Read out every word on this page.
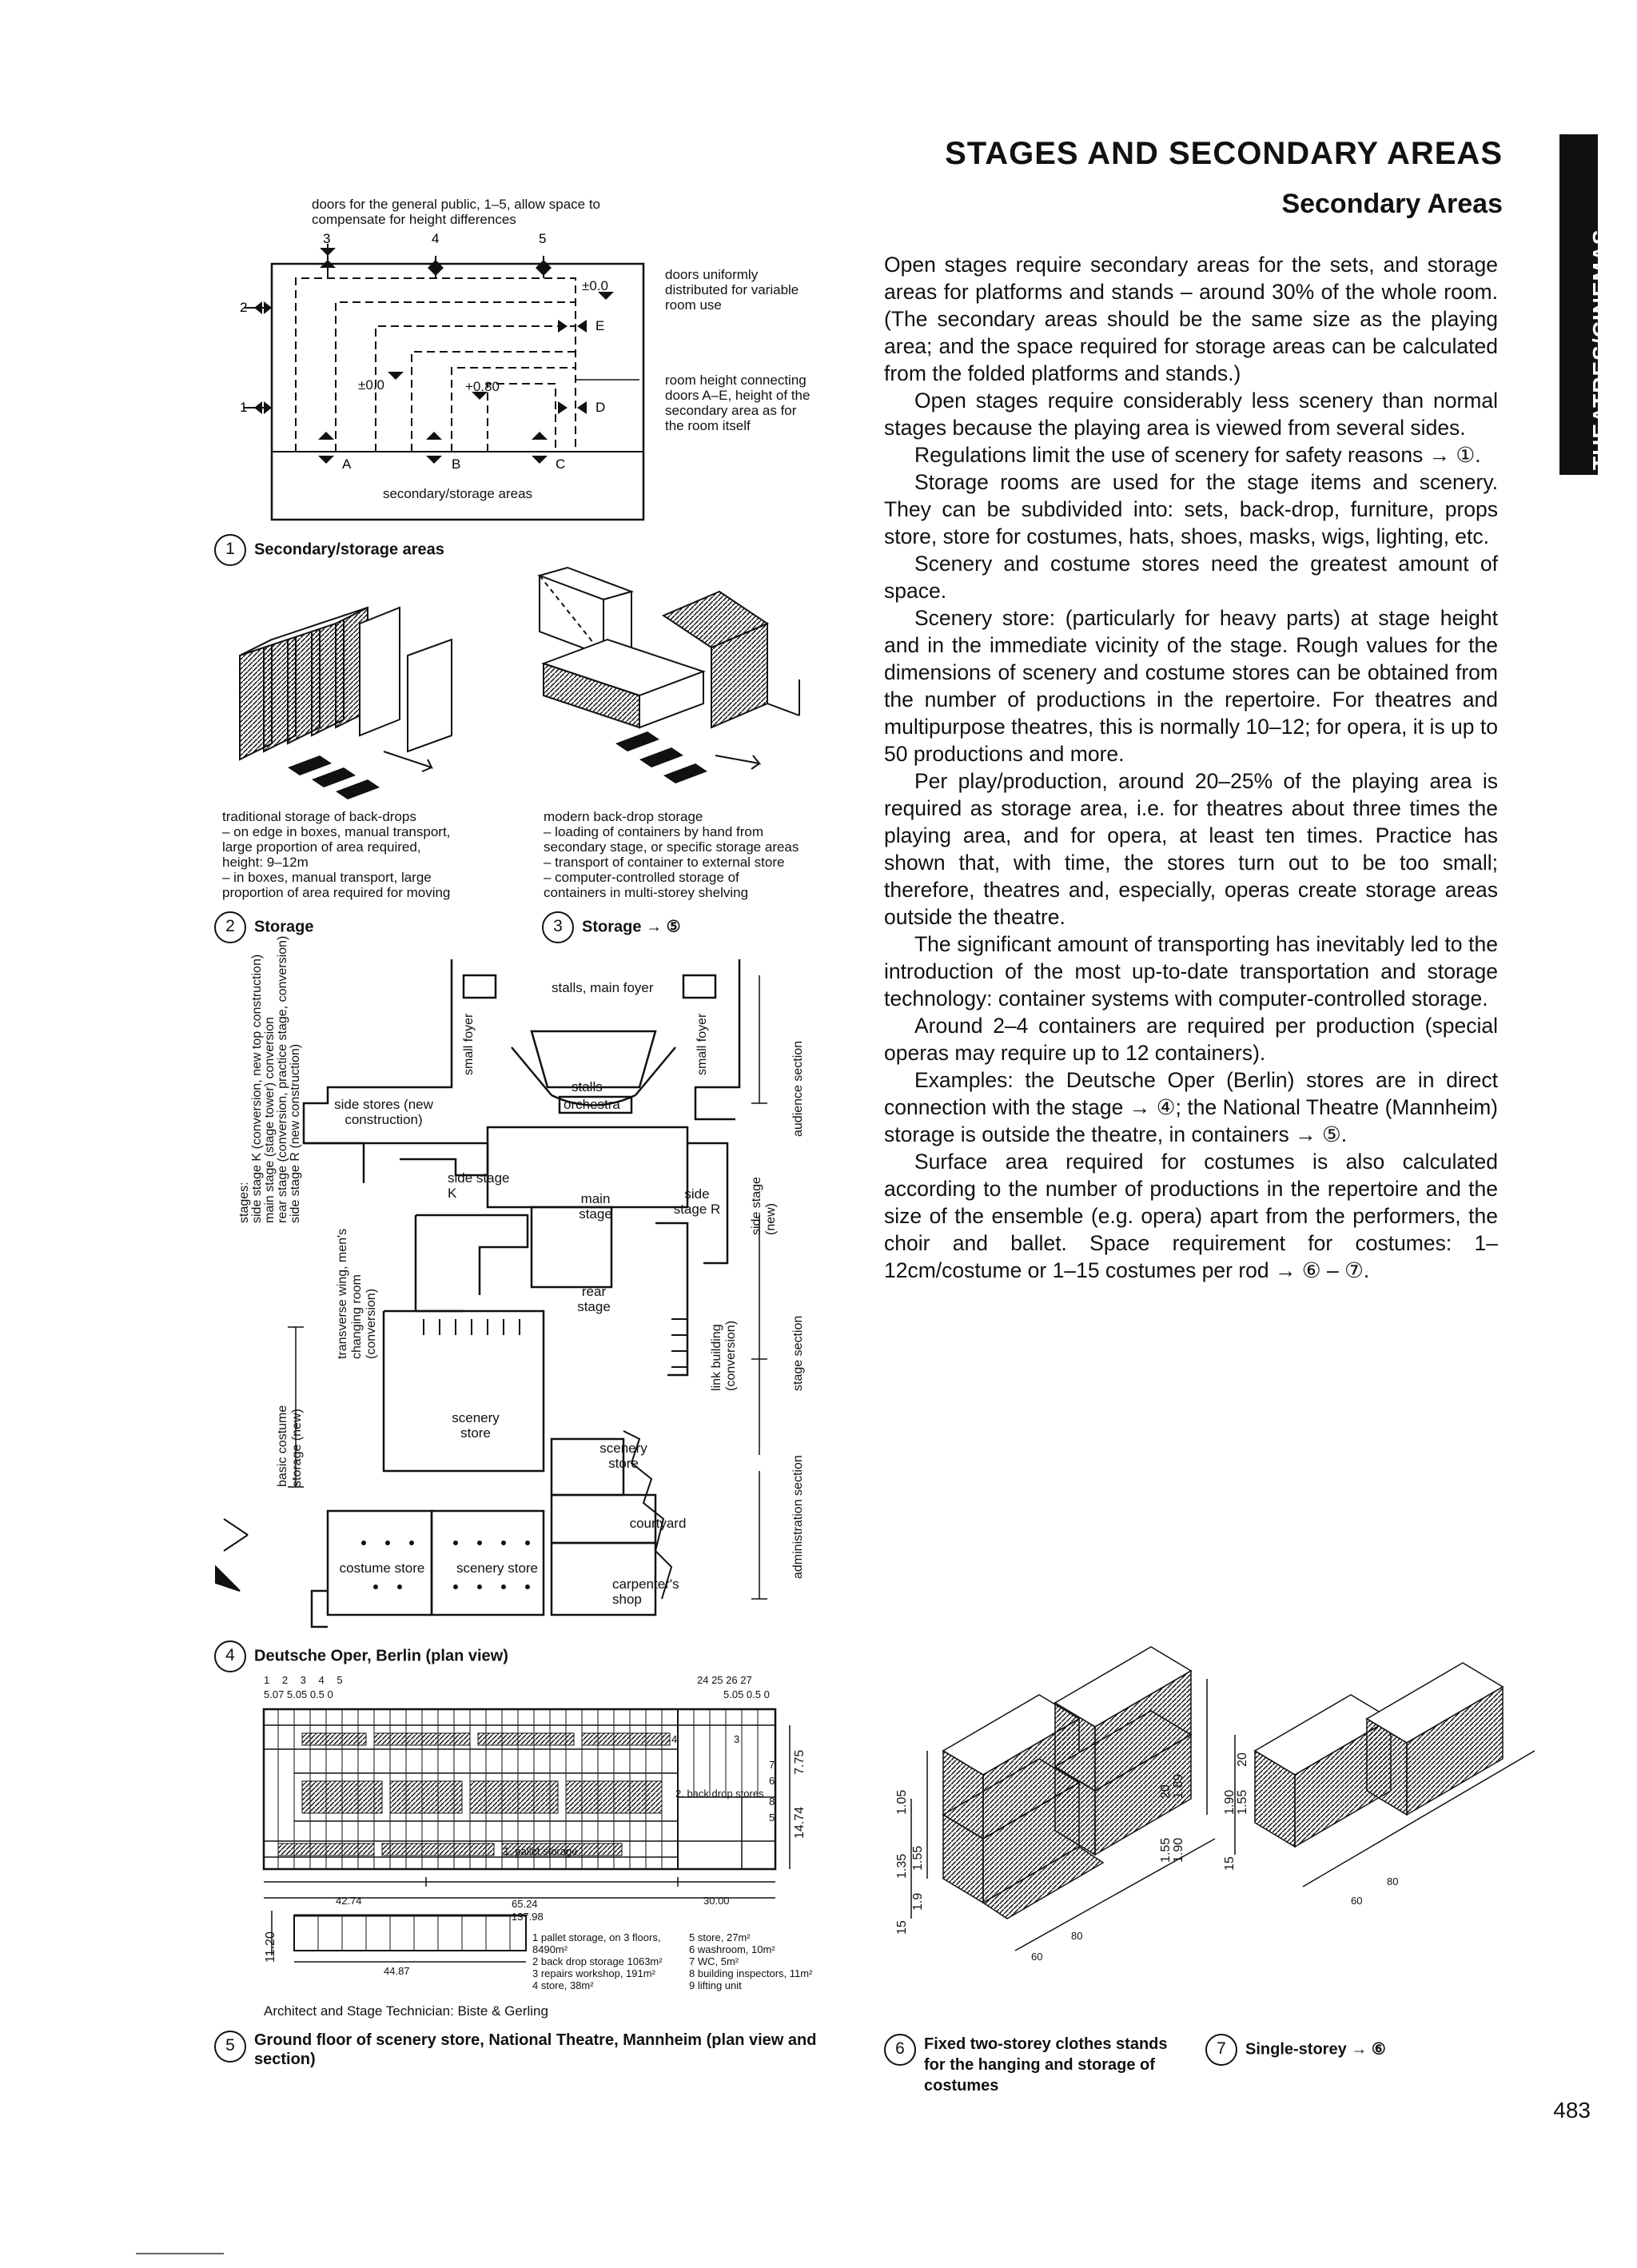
STAGES AND SECONDARY AREAS
Secondary Areas
THEATRES/CINEMAS

Open stages require secondary areas for the sets, and storage areas for platforms and stands – around 30% of the whole room. (The secondary areas should be the same size as the playing area; and the space required for storage areas can be calculated from the folded platforms and stands.)

Open stages require considerably less scenery than normal stages because the playing area is viewed from several sides.

Regulations limit the use of scenery for safety reasons → ①.

Storage rooms are used for the stage items and scenery. They can be subdivided into: sets, back-drop, furniture, props store, store for costumes, hats, shoes, masks, wigs, lighting, etc.

Scenery and costume stores need the greatest amount of space.

Scenery store: (particularly for heavy parts) at stage height and in the immediate vicinity of the stage. Rough values for the dimensions of scenery and costume stores can be obtained from the number of productions in the repertoire. For theatres and multipurpose theatres, this is normally 10–12; for opera, it is up to 50 productions and more.

Per play/production, around 20–25% of the playing area is required as storage area, i.e. for theatres about three times the playing area, and for opera, at least ten times. Practice has shown that, with time, the stores turn out to be too small; therefore, theatres and, especially, operas create storage areas outside the theatre.

The significant amount of transporting has inevitably led to the introduction of the most up-to-date transportation and storage technology: container systems with computer-controlled storage.

Around 2–4 containers are required per production (special operas may require up to 12 containers).

Examples: the Deutsche Oper (Berlin) stores are in direct connection with the stage → ④; the National Theatre (Mannheim) storage is outside the theatre, in containers → ⑤.

Surface area required for costumes is also calculated according to the number of productions in the repertoire and the size of the ensemble (e.g. opera) apart from the performers, the choir and ballet. Space requirement for costumes: 1–12cm/costume or 1–15 costumes per rod → ⑥ – ⑦.

doors for the general public, 1–5, allow space to compensate for height differences
2
1
3	4	5
A	B	C
D
E
±0.0
±0.0	+0.80
doors uniformly distributed for variable room use
room height connecting doors A–E, height of the secondary area as for the room itself
secondary/storage areas
1 Secondary/storage areas
traditional storage of back-drops
– on edge in boxes, manual transport,
large proportion of area required,
height: 9–12m
– in boxes, manual transport, large
proportion of area required for moving
modern back-drop storage
– loading of containers by hand from
secondary stage, or specific storage areas
– transport of container to external store
– computer-controlled storage of
containers in multi-storey shelving
2 Storage	3 Storage → ⑤
stalls, main foyer
stalls
orchestra
side stores (new construction)
side stage K	main stage
side stage R
rear stage
scenery store
scenery store
courtyard
costume store	scenery store
carpenter's shop
small foyer	small foyer
stages: side stage K (conversion, new top construction) main stage (stage tower) conversion rear stage (conversion, practice stage, conversion) side stage R (new construction)
transverse wing, men's changing room (conversion)
basic costume storage (new)
audience section
side stage (new)
link building (conversion)	stage section
administration section
4 Deutsche Oper, Berlin (plan view)
1 2 3 4 5
5.07 5.05 0.5 0
24 25 26 27
5.05 0.5 0
1. pallet storage
2. back drop stores
3
4
5
6
7
8
42.74	65.24	30.00
137.98
44.87
14.74
7.75
11.20	1 pallet storage, on 3 floors, 8490m²
2 back drop storage 1063m²
3 repairs workshop, 191m²
4 store, 38m²
5 store, 27m²
6 washroom, 10m²
7 WC, 5m²
8 building inspectors, 11m²
9 lifting unit
Architect and Stage Technician: Biste & Gerling
5	Ground floor of scenery store, National Theatre, Mannheim (plan view and section)
1.35
1.05
1.9
1.55	1.55 1.90
20
15
1.89
60
80
1.90 1.55
20
15
60
80
6	Fixed two-storey clothes stands for the hanging and storage of costumes
7 Single-storey → ⑥
483
